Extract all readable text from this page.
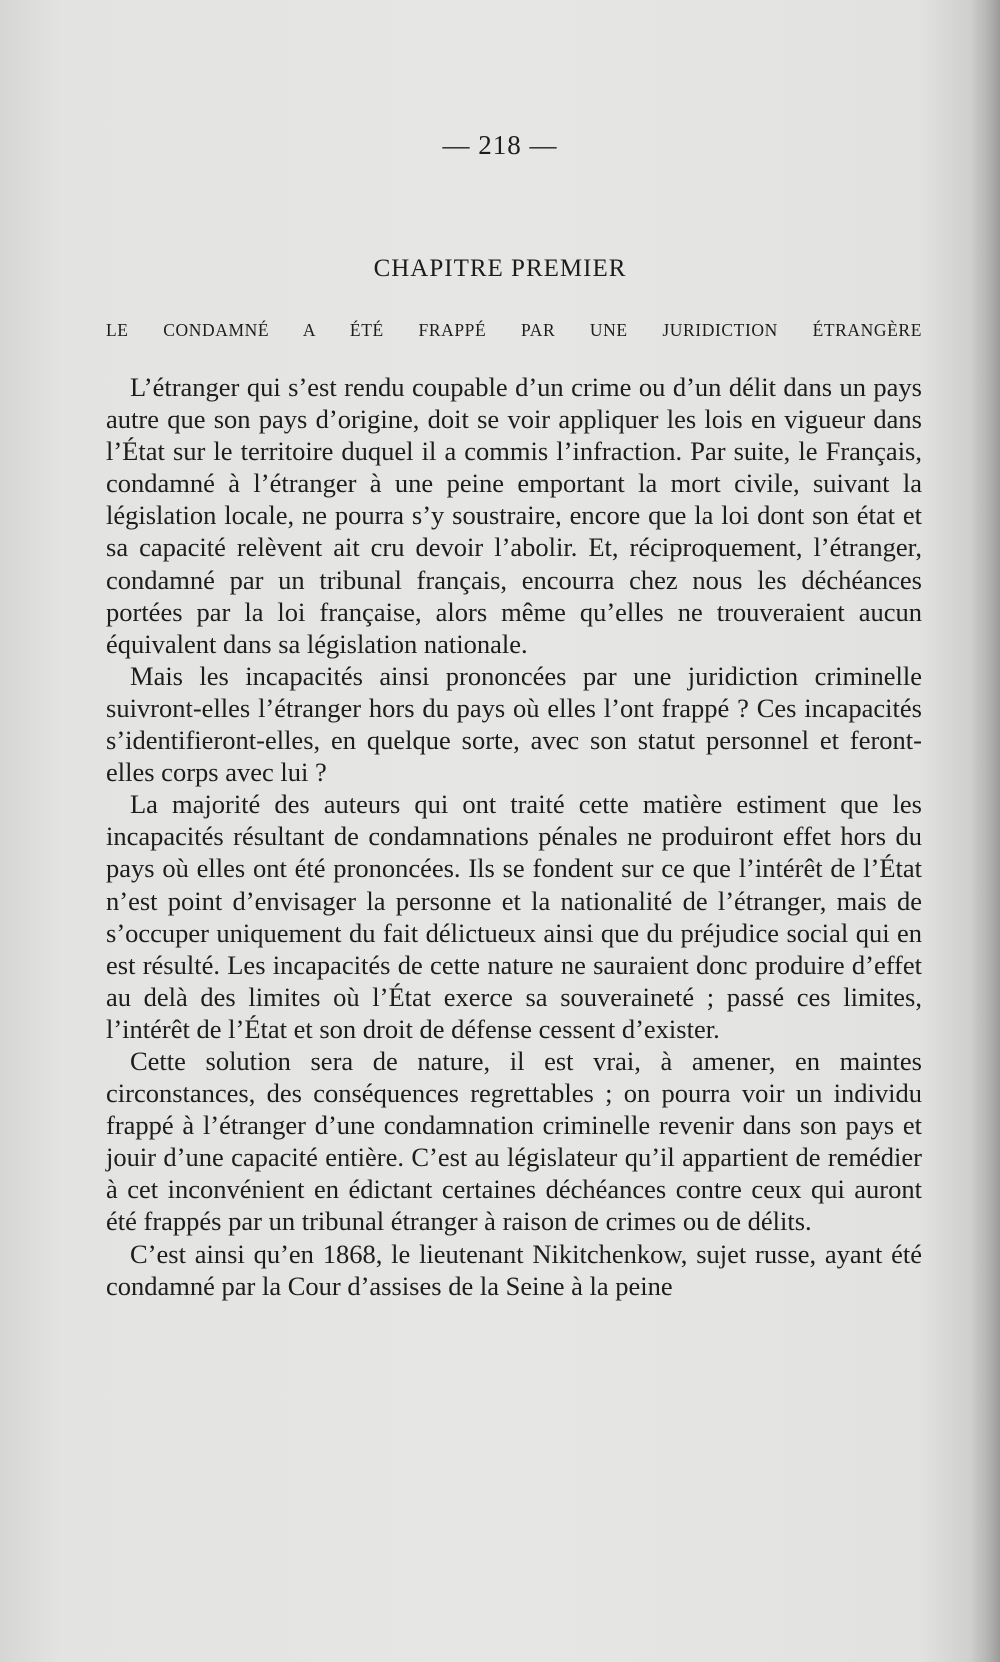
— 218 —
CHAPITRE PREMIER
LE CONDAMNÉ A ÉTÉ FRAPPÉ PAR UNE JURIDICTION ÉTRANGÈRE

L’étranger qui s’est rendu coupable d’un crime ou d’un délit dans un pays autre que son pays d’origine, doit se voir appliquer les lois en vigueur dans l’État sur le territoire duquel il a commis l’infraction. Par suite, le Français, condamné à l’étranger à une peine emportant la mort civile, suivant la législation locale, ne pourra s’y soustraire, encore que la loi dont son état et sa capacité relèvent ait cru devoir l’abolir. Et, réciproquement, l’étranger, condamné par un tribunal français, encourra chez nous les déchéances portées par la loi française, alors même qu’elles ne trouveraient aucun équivalent dans sa législation nationale.

Mais les incapacités ainsi prononcées par une juridiction criminelle suivront-elles l’étranger hors du pays où elles l’ont frappé ? Ces incapacités s’identifieront-elles, en quelque sorte, avec son statut personnel et feront-elles corps avec lui ?

La majorité des auteurs qui ont traité cette matière estiment que les incapacités résultant de condamnations pénales ne produiront effet hors du pays où elles ont été prononcées. Ils se fondent sur ce que l’intérêt de l’État n’est point d’envisager la personne et la nationalité de l’étranger, mais de s’occuper uniquement du fait délictueux ainsi que du préjudice social qui en est résulté. Les incapacités de cette nature ne sauraient donc produire d’effet au delà des limites où l’État exerce sa souveraineté ; passé ces limites, l’intérêt de l’État et son droit de défense cessent d’exister.

Cette solution sera de nature, il est vrai, à amener, en maintes circonstances, des conséquences regrettables ; on pourra voir un individu frappé à l’étranger d’une condamnation criminelle revenir dans son pays et jouir d’une capacité entière. C’est au législateur qu’il appartient de remédier à cet inconvénient en édictant certaines déchéances contre ceux qui auront été frappés par un tribunal étranger à raison de crimes ou de délits.

C’est ainsi qu’en 1868, le lieutenant Nikitchenkow, sujet russe, ayant été condamné par la Cour d’assises de la Seine à la peine
